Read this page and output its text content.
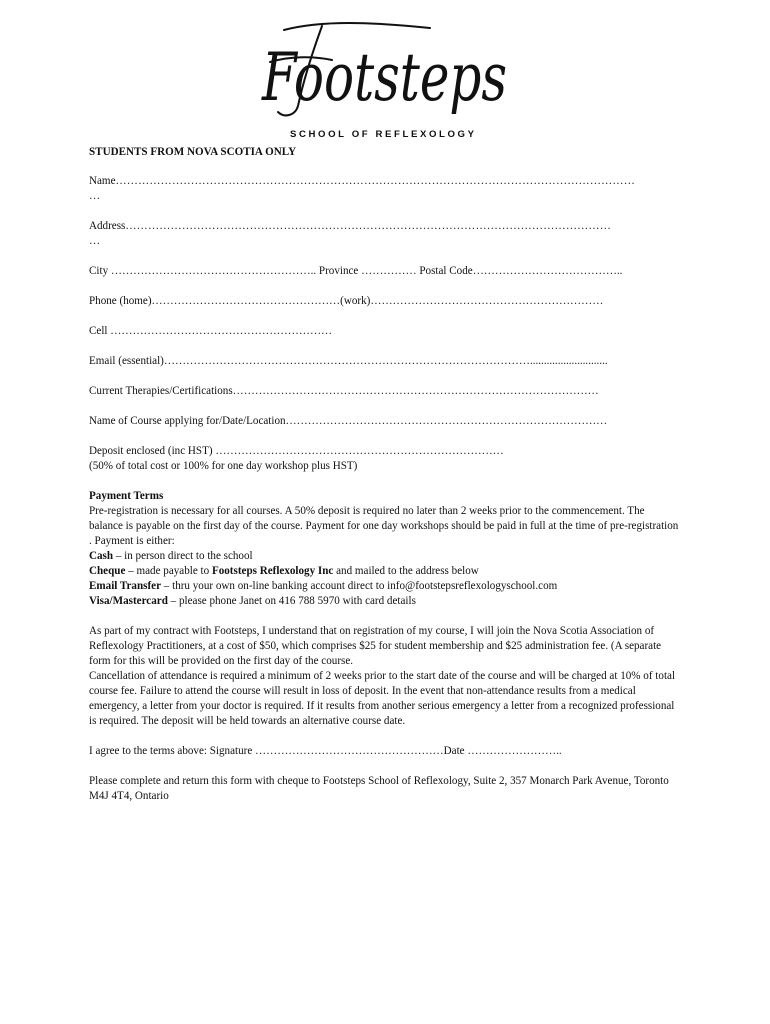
Footsteps
SCHOOL OF REFLEXOLOGY
STUDENTS FROM NOVA SCOTIA ONLY
Name…………………………………………………………………………………………………………………………
…
Address…………………………………………………………………………………………………………………
…
City ……………………………………………….. Province …………… Postal Code…………………………………..
Phone (home)……………………………………………(work)………………………………………………………
Cell ……………………………………………………
Email (essential)………………………………………………………………………………………............................
Current Therapies/Certifications………………………………………………………………………………………
Name of Course applying for/Date/Location……………………………………………………………………………
Deposit enclosed (inc HST) ……………………………………………………………………
(50% of total cost or 100% for one day workshop plus HST)
Payment Terms
Pre-registration is necessary for all courses. A 50% deposit is required no later than 2 weeks prior to the commencement. The balance is payable on the first day of the course. Payment for one day workshops should be paid in full at the time of pre-registration . Payment is either:
Cash – in person direct to the school
Cheque – made payable to Footsteps Reflexology Inc and mailed to the address below
Email Transfer – thru your own on-line banking account direct to info@footstepsreflexologyschool.com
Visa/Mastercard – please phone Janet on 416 788 5970 with card details
As part of my contract with Footsteps, I understand that on registration of my course, I will join the Nova Scotia Association of Reflexology Practitioners, at a cost of $50, which comprises $25 for student membership and $25 administration fee. (A separate form for this will be provided on the first day of the course.
Cancellation of attendance is required a minimum of 2 weeks prior to the start date of the course and will be charged at 10% of total course fee. Failure to attend the course will result in loss of deposit. In the event that non-attendance results from a medical emergency, a letter from your doctor is required. If it results from another serious emergency a letter from a recognized professional is required. The deposit will be held towards an alternative course date.
I agree to the terms above: Signature ……………………………………………Date ……………………..
Please complete and return this form with cheque to Footsteps School of Reflexology, Suite 2, 357 Monarch Park Avenue, Toronto M4J 4T4, Ontario
